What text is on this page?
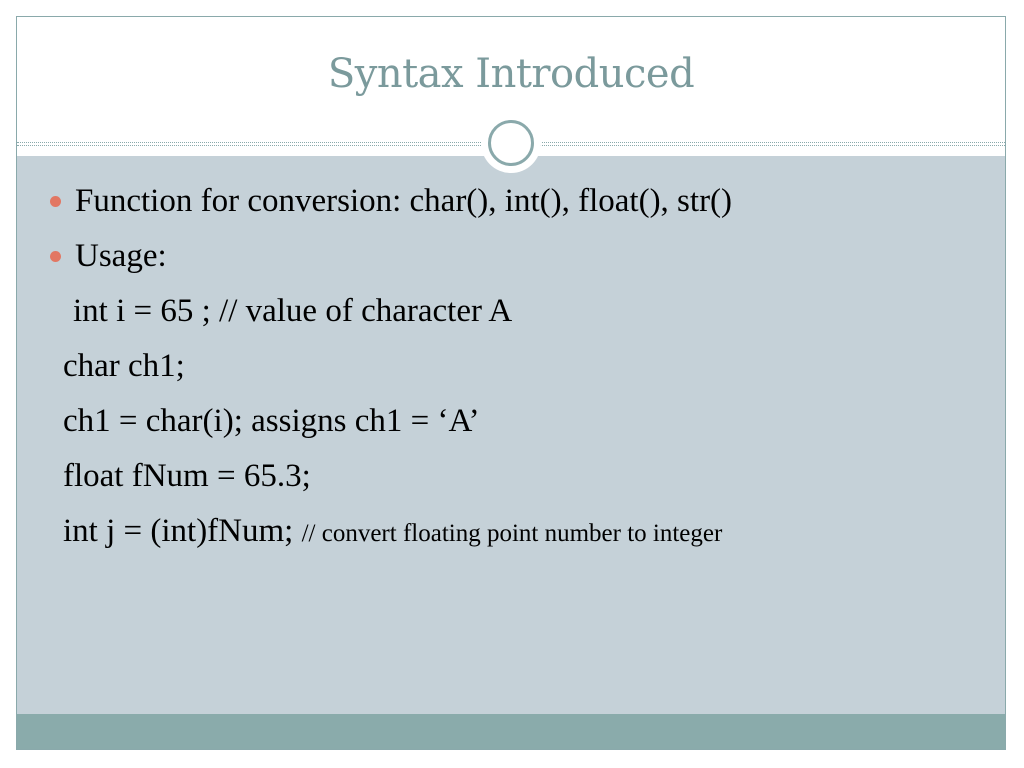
Syntax Introduced
Function for conversion: char(), int(), float(), str()
Usage:
int i = 65 ; // value of character A
char ch1;
ch1 = char(i); assigns ch1 = ‘A’
float fNum = 65.3;
int j = (int)fNum; // convert floating point number to integer
